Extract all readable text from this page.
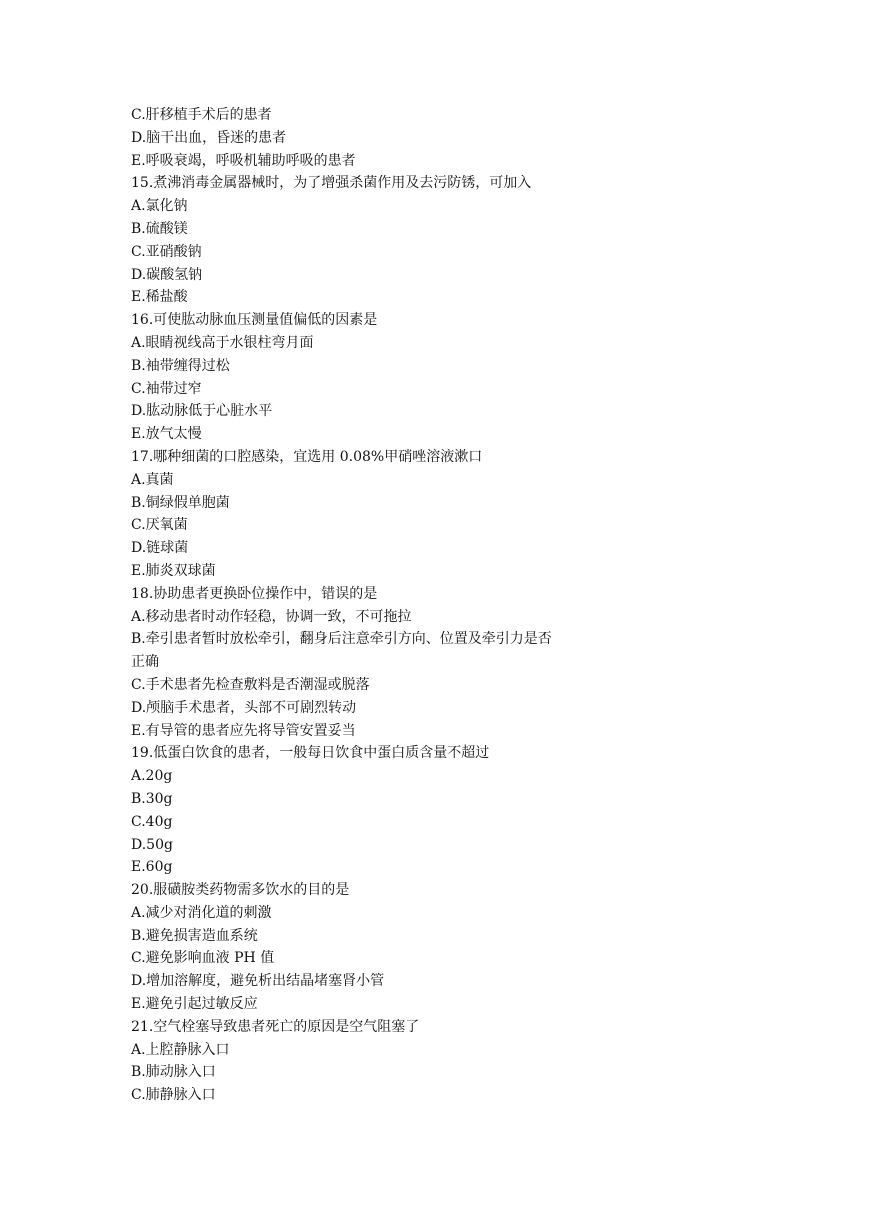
C.肝移植手术后的患者
D.脑干出血，昏迷的患者
E.呼吸衰竭，呼吸机辅助呼吸的患者
15.煮沸消毒金属器械时，为了增强杀菌作用及去污防锈，可加入
A.氯化钠
B.硫酸镁
C.亚硝酸钠
D.碳酸氢钠
E.稀盐酸
16.可使肱动脉血压测量值偏低的因素是
A.眼睛视线高于水银柱弯月面
B.袖带缠得过松
C.袖带过窄
D.肱动脉低于心脏水平
E.放气太慢
17.哪种细菌的口腔感染，宜选用 0.08%甲硝唑溶液漱口
A.真菌
B.铜绿假单胞菌
C.厌氧菌
D.链球菌
E.肺炎双球菌
18.协助患者更换卧位操作中，错误的是
A.移动患者时动作轻稳，协调一致，不可拖拉
B.牵引患者暂时放松牵引，翻身后注意牵引方向、位置及牵引力是否
正确
C.手术患者先检查敷料是否潮湿或脱落
D.颅脑手术患者，头部不可剧烈转动
E.有导管的患者应先将导管安置妥当
19.低蛋白饮食的患者，一般每日饮食中蛋白质含量不超过
A.20g
B.30g
C.40g
D.50g
E.60g
20.服磺胺类药物需多饮水的目的是
A.减少对消化道的刺激
B.避免损害造血系统
C.避免影响血液 PH 值
D.增加溶解度，避免析出结晶堵塞肾小管
E.避免引起过敏反应
21.空气栓塞导致患者死亡的原因是空气阻塞了
A.上腔静脉入口
B.肺动脉入口
C.肺静脉入口
